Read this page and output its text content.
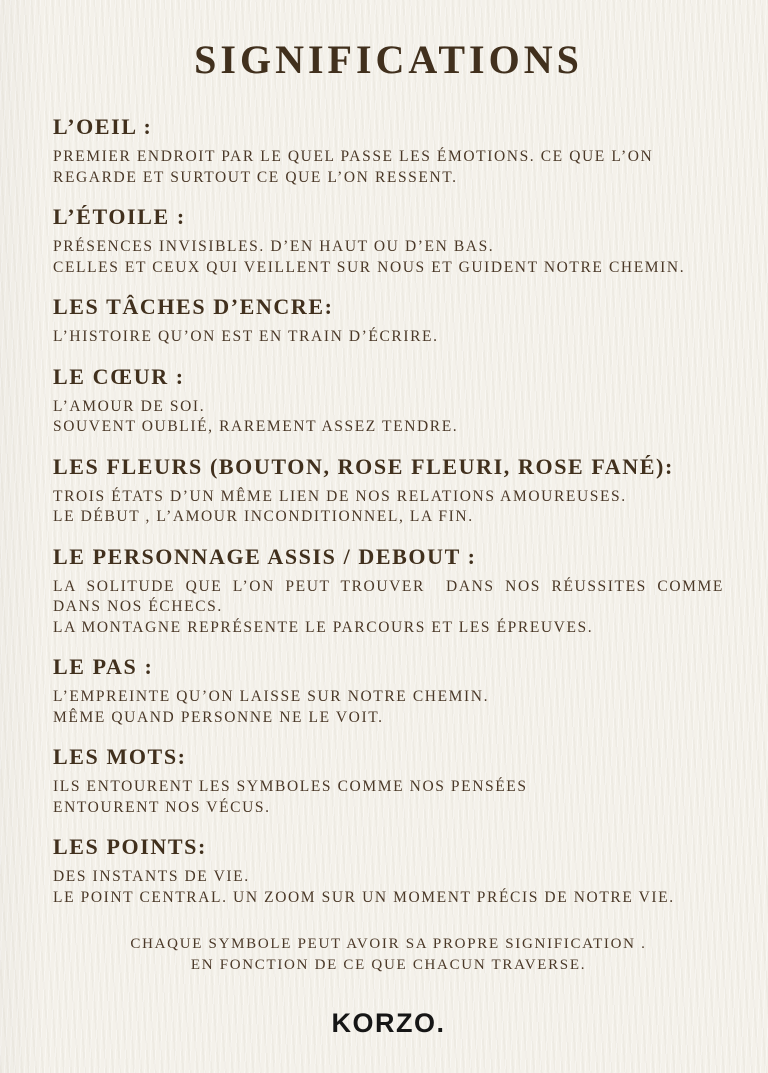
SIGNIFICATIONS
L’OEIL :
PREMIER ENDROIT PAR LE QUEL PASSE LES ÉMOTIONS. CE QUE L’ON
REGARDE ET SURTOUT CE QUE L’ON RESSENT.
L’ÉTOILE :
PRÉSENCES INVISIBLES. D’EN HAUT OU D’EN BAS.
CELLES ET CEUX QUI VEILLENT SUR NOUS ET GUIDENT NOTRE CHEMIN.
LES TÂCHES D’ENCRE:
L’HISTOIRE QU’ON EST EN TRAIN D’ÉCRIRE.
LE CŒUR :
L’AMOUR DE SOI.
SOUVENT OUBLIÉ, RAREMENT ASSEZ TENDRE.
LES FLEURS (BOUTON, ROSE FLEURI, ROSE FANÉ):
TROIS ÉTATS D’UN MÊME LIEN DE NOS RELATIONS AMOUREUSES.
LE DÉBUT , L’AMOUR INCONDITIONNEL, LA FIN.
LE PERSONNAGE ASSIS / DEBOUT :
LA SOLITUDE QUE L’ON PEUT TROUVER  DANS NOS RÉUSSITES COMME
DANS NOS ÉCHECS.
LA MONTAGNE REPRÉSENTE LE PARCOURS ET LES ÉPREUVES.
LE PAS :
L’EMPREINTE QU’ON LAISSE SUR NOTRE CHEMIN.
MÊME QUAND PERSONNE NE LE VOIT.
LES MOTS:
ILS ENTOURENT LES SYMBOLES COMME NOS PENSÉES
ENTOURENT NOS VÉCUS.
LES POINTS:
DES INSTANTS DE VIE.
LE POINT CENTRAL. UN ZOOM SUR UN MOMENT PRÉCIS DE NOTRE VIE.
CHAQUE SYMBOLE PEUT AVOIR SA PROPRE SIGNIFICATION .
EN FONCTION DE CE QUE CHACUN TRAVERSE.
KORZO.
